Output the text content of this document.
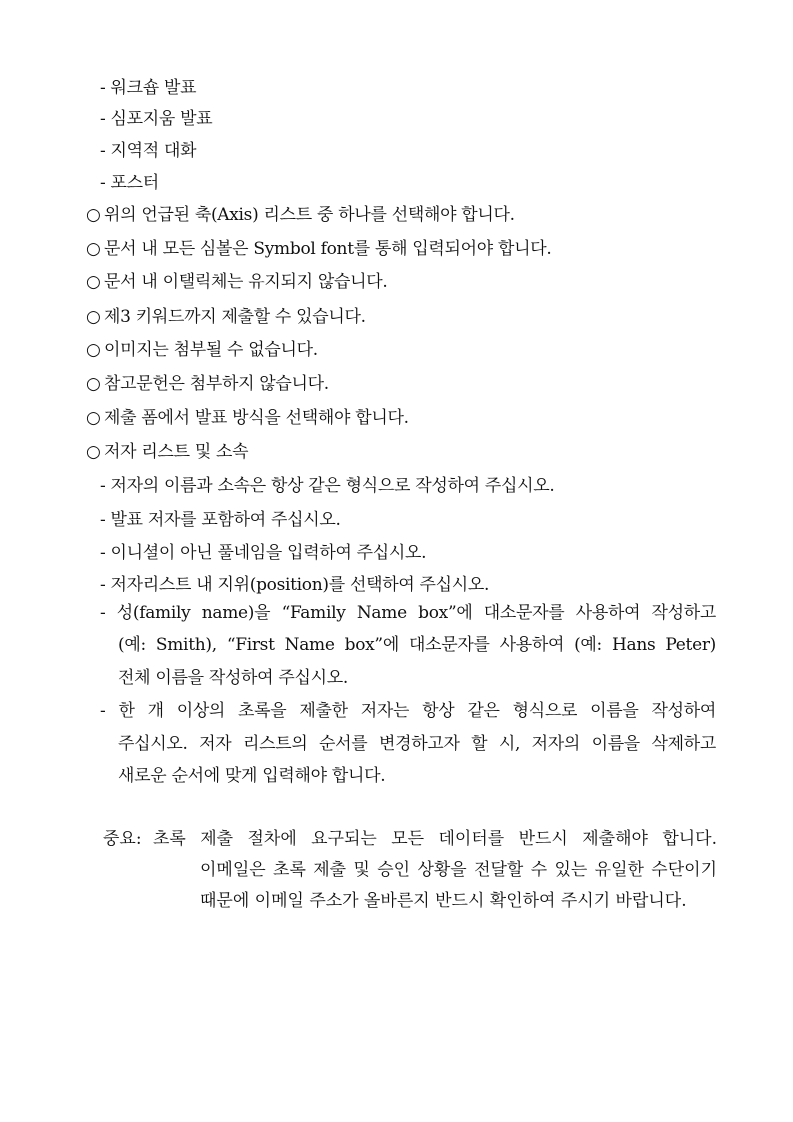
- 워크숍 발표
- 심포지움 발표
- 지역적 대화
- 포스터
○ 위의 언급된 축(Axis) 리스트 중 하나를 선택해야 합니다.
○ 문서 내 모든 심볼은 Symbol font를 통해 입력되어야 합니다.
○ 문서 내 이탤릭체는 유지되지 않습니다.
○ 제3 키워드까지 제출할 수 있습니다.
○ 이미지는 첨부될 수 없습니다.
○ 참고문헌은 첨부하지 않습니다.
○ 제출 폼에서 발표 방식을 선택해야 합니다.
○ 저자 리스트 및 소속
- 저자의 이름과 소속은 항상 같은 형식으로 작성하여 주십시오.
- 발표 저자를 포함하여 주십시오.
- 이니셜이 아닌 풀네임을 입력하여 주십시오.
- 저자리스트 내 지위(position)를 선택하여 주십시오.
- 성(family name)을 “Family Name box”에 대소문자를 사용하여 작성하고
(예: Smith), “First Name box”에 대소문자를 사용하여 (예: Hans Peter)
전체 이름을 작성하여 주십시오.
- 한 개 이상의 초록을 제출한 저자는 항상 같은 형식으로 이름을 작성하여
주십시오. 저자 리스트의 순서를 변경하고자 할 시, 저자의 이름을 삭제하고
새로운 순서에 맞게 입력해야 합니다.
중요: 초록 제출 절차에 요구되는 모든 데이터를 반드시 제출해야 합니다.
이메일은 초록 제출 및 승인 상황을 전달할 수 있는 유일한 수단이기
때문에 이메일 주소가 올바른지 반드시 확인하여 주시기 바랍니다.
